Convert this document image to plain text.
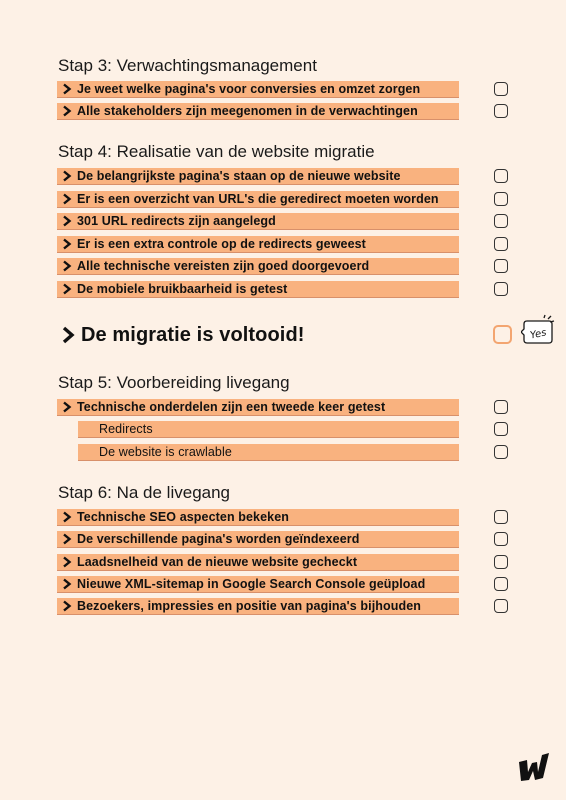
Stap 3: Verwachtingsmanagement
Je weet welke pagina's voor conversies en omzet zorgen
Alle stakeholders zijn meegenomen in de verwachtingen
Stap 4: Realisatie van de website migratie
De belangrijkste pagina's staan op de nieuwe website
Er is een overzicht van URL's die geredirect moeten worden
301 URL redirects zijn aangelegd
Er is een extra controle op de redirects geweest
Alle technische vereisten zijn goed doorgevoerd
De mobiele bruikbaarheid is getest
De migratie is voltooid!	Yes
Stap 5: Voorbereiding livegang
Technische onderdelen zijn een tweede keer getest
Redirects
De website is crawlable
Stap 6: Na de livegang
Technische SEO aspecten bekeken
De verschillende pagina's worden geïndexeerd
Laadsnelheid van de nieuwe website gecheckt
Nieuwe XML-sitemap in Google Search Console geüpload
Bezoekers, impressies en positie van pagina's bijhouden
